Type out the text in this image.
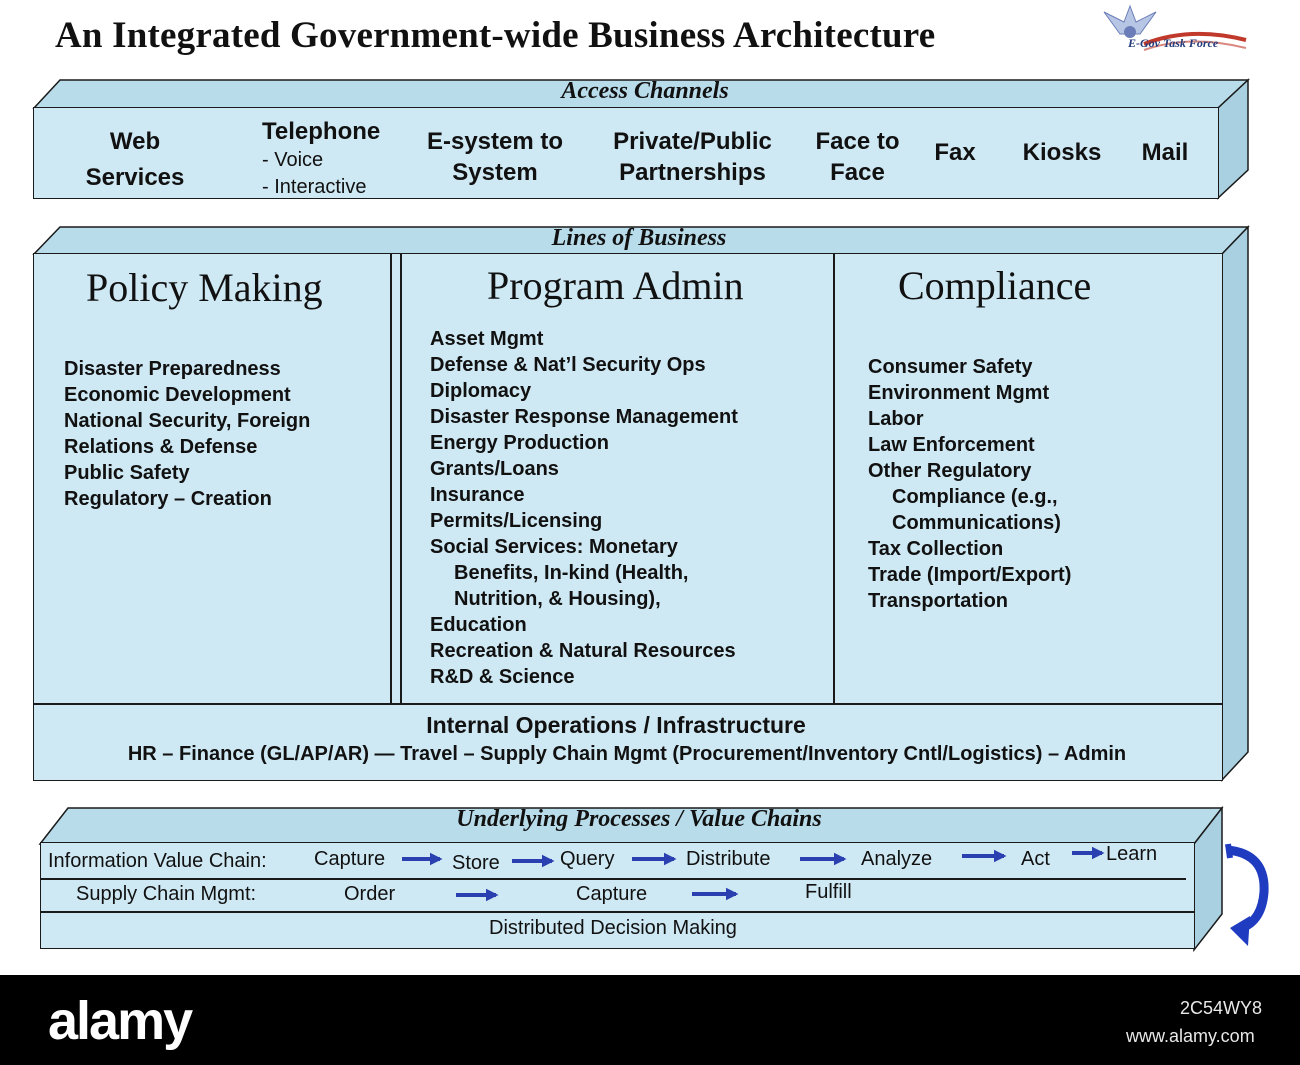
An Integrated Government-wide Business Architecture	E-Gov Task Force
Access Channels
Web
Services
Telephone
- Voice
- Interactive
E-system to
System
Private/Public
Partnerships
Face to
Face
Fax	Kiosks	Mail
Lines of Business
Policy Making
Disaster Preparedness
Economic Development
National Security, Foreign
Relations & Defense
Public Safety
Regulatory – Creation
Program Admin
Asset Mgmt
Defense & Nat’l Security Ops
Diplomacy
Disaster Response Management
Energy Production
Grants/Loans
Insurance
Permits/Licensing
Social Services: Monetary
Benefits, In-kind (Health,
Nutrition, & Housing),
Education
Recreation & Natural Resources
R&D & Science
Compliance
Consumer Safety
Environment Mgmt
Labor
Law Enforcement
Other Regulatory
Compliance (e.g.,
Communications)
Tax Collection
Trade (Import/Export)
Transportation
Internal Operations / Infrastructure
HR – Finance (GL/AP/AR) — Travel – Supply Chain Mgmt (Procurement/Inventory Cntl/Logistics) – Admin
Underlying Processes / Value Chains
Information Value Chain: Capture	Store	Query	Distribute	Analyze	Act	Learn
Supply Chain Mgmt:	Order	Capture	Fulfill
Distributed Decision Making
alamy	2C54WY8
www.alamy.com
